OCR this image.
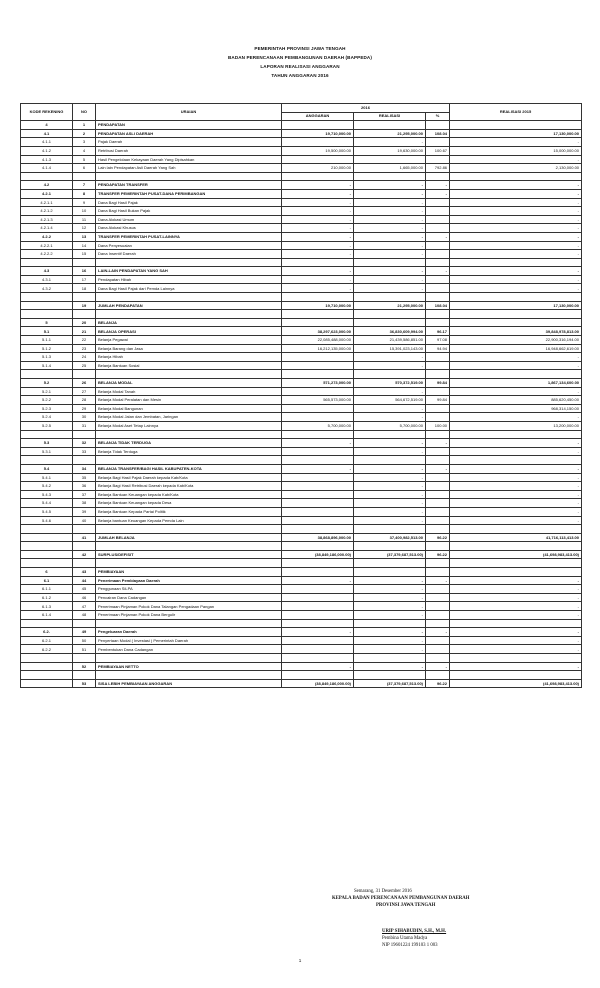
PEMERINTAH PROVINSI JAWA TENGAH
BADAN PERENCANAAN PEMBANGUNAN DAERAH (BAPPEDA)
LAPORAN REALISASI ANGGARAN
TAHUN ANGGARAN 2016
KODE REKENING	NO	URAIAN	2016			REALISASI 2015
			ANGGARAN	REALISASI	%	
4	1	PENDAPATAN				
4.1	2	PENDAPATAN ASLI DAERAH	19,710,000.00	21,295,000.00	108.04	17,130,000.00
4.1.1	3	Pajak Daerah		-		-
4.1.2	4	Retribusi Daerah	19,500,000.00	19,630,000.00	100.67	15,000,000.00
4.1.3	5	Hasil Pengelolaan Kekayaan Daerah Yang Dipisahkan				-
4.1.4	6	Lain lain Pendapatan Asli Daerah Yang Sah	210,000.00	1,665,000.00	792.86	2,130,000.00

4.2	7	PENDAPATAN TRANSFER	-	-	-	-
4.2.1	8	TRANSFER PEMERINTAH PUSAT-DANA PERIMBANGAN	-	-	-	-
4.2.1.1	9	Dana Bagi Hasil Pajak	-	-		-
4.2.1.2	10	Dana Bagi Hasil Bukan Pajak	-	-		-
4.2.1.3	11	Dana Alokasi Umum	-	-		-
4.2.1.4	12	Dana Alokasi Khusus	-	-		-
4.2.2	13	TRANSFER PEMERINTAH PUSAT-LAINNYA	-	-	-	-
4.2.2.1	14	Dana Penyesuaian	-	-		-
4.2.2.2	15	Dana Insentif Daerah	-	-		-

4.3	16	LAIN-LAIN PENDAPATAN YANG SAH	-	-	-	-
4.3.1	17	Pendapatan Hibah	-	-		-
4.3.2	18	Dana Bagi Hasil Pajak dari Pemda Lainnya	-	-		-

	19	JUMLAH PENDAPATAN	19,710,000.00	21,295,000.00	108.04	17,130,000.00

5	20	BELANJA				
5.1	21	BELANJA OPERASI	38,297,623,000.00	36,830,609,994.00	96.17	39,848,978,813.00
5.1.1	22	Belanja Pegawai	22,085,488,000.00	21,439,586,851.00	97.08	22,900,316,194.00
5.1.2	23	Belanja Barang dan Jasa	16,212,135,000.00	15,391,023,143.00	94.94	16,948,662,619.00
5.1.3	24	Belanja Hibah		-		-
5.1.4	25	Belanja Bantuan Sosial		-		-

5.2	26	BELANJA MODAL	571,273,000.00	570,372,519.00	99.84	1,867,134,600.00
5.2.1	27	Belanja Modal Tanah		-		-
5.2.2	28	Belanja Modal Peralatan dan Mesin	565,573,000.00	564,672,519.00	99.84	885,620,450.00
5.2.3	29	Belanja Modal Bangunan		-		968,314,150.00
5.2.4	30	Belanja Modal Jalan dan Jembatan, Jaringan		-		-
5.2.5	31	Belanja Modal Aset Tetap Lainnya	5,700,000.00	5,700,000.00	100.00	13,200,000.00

5.3	32	BELANJA TIDAK TERDUGA	-	-	-	-
5.3.1	33	Belanja Tidak Terduga		-		-

5.4	34	BELANJA TRANSFER/BAGI HASIL KABUPATEN-KOTA	-	-	-	-
5.4.1	35	Belanja Bagi Hasil Pajak Daerah kepada Kab/Kota		-		-
5.4.2	36	Belanja Bagi Hasil Retribusi Daerah kepada Kab/Kota		-		-
5.4.3	37	Belanja Bantuan Keuangan kepada Kab/Kota		-		-
5.4.4	38	Belanja Bantuan Keuangan kepada Desa		-		-
5.4.5	39	Belanja Bantuan Kepada Partai Politik		-		-
5.4.6	40	Belanja bantuan Keuangan Kepada Pemda Lain		-		-

	41	JUMLAH BELANJA	38,868,896,000.00	37,400,982,513.00	96.22	41,716,113,413.00

	42	SURPLUS/DEFISIT	(38,849,186,000.00)	(37,379,687,513.00)	96.22	(41,698,983,413.00)

6	43	PEMBIAYAAN				
6.1	44	Penerimaan Pembiayaan Daerah	-	-	-	-
6.1.1	45	Penggunaan SiLPA		-		-
6.1.2	46	Pencairan Dana Cadangan		-		-
6.1.3	47	Penerimaan Pinjaman Pokok Dana Talangan Pengadaan Pangan		-		-
6.1.4	48	Penerimaan Pinjaman Pokok Dana Bergulir		-		-

6.2.	49	Pengeluaran Daerah	-	-	-	-
6.2.1	50	Penyertaan Modal ( Investasi ) Pemerintah Daerah		-		-
6.2.2	51	Pembentukan Dana Cadangan		-		-

	52	PEMBIAYAAN NETTO	-	-	-	-

	53	SISA LEBIH PEMBIAYAAN ANGGARAN	(38,849,186,000.00)	(37,379,687,513.00)	96.22	(41,698,983,413.00)
Semarang, 31 Desember 2016
KEPALA BADAN PERENCANAAN PEMBANGUNAN DAERAH
PROVINSI JAWA TENGAH
URIP SIHABUDIN, S.H., M.H.
Pembina Utama Madya
NIP 19601224 199103 1 003
1
